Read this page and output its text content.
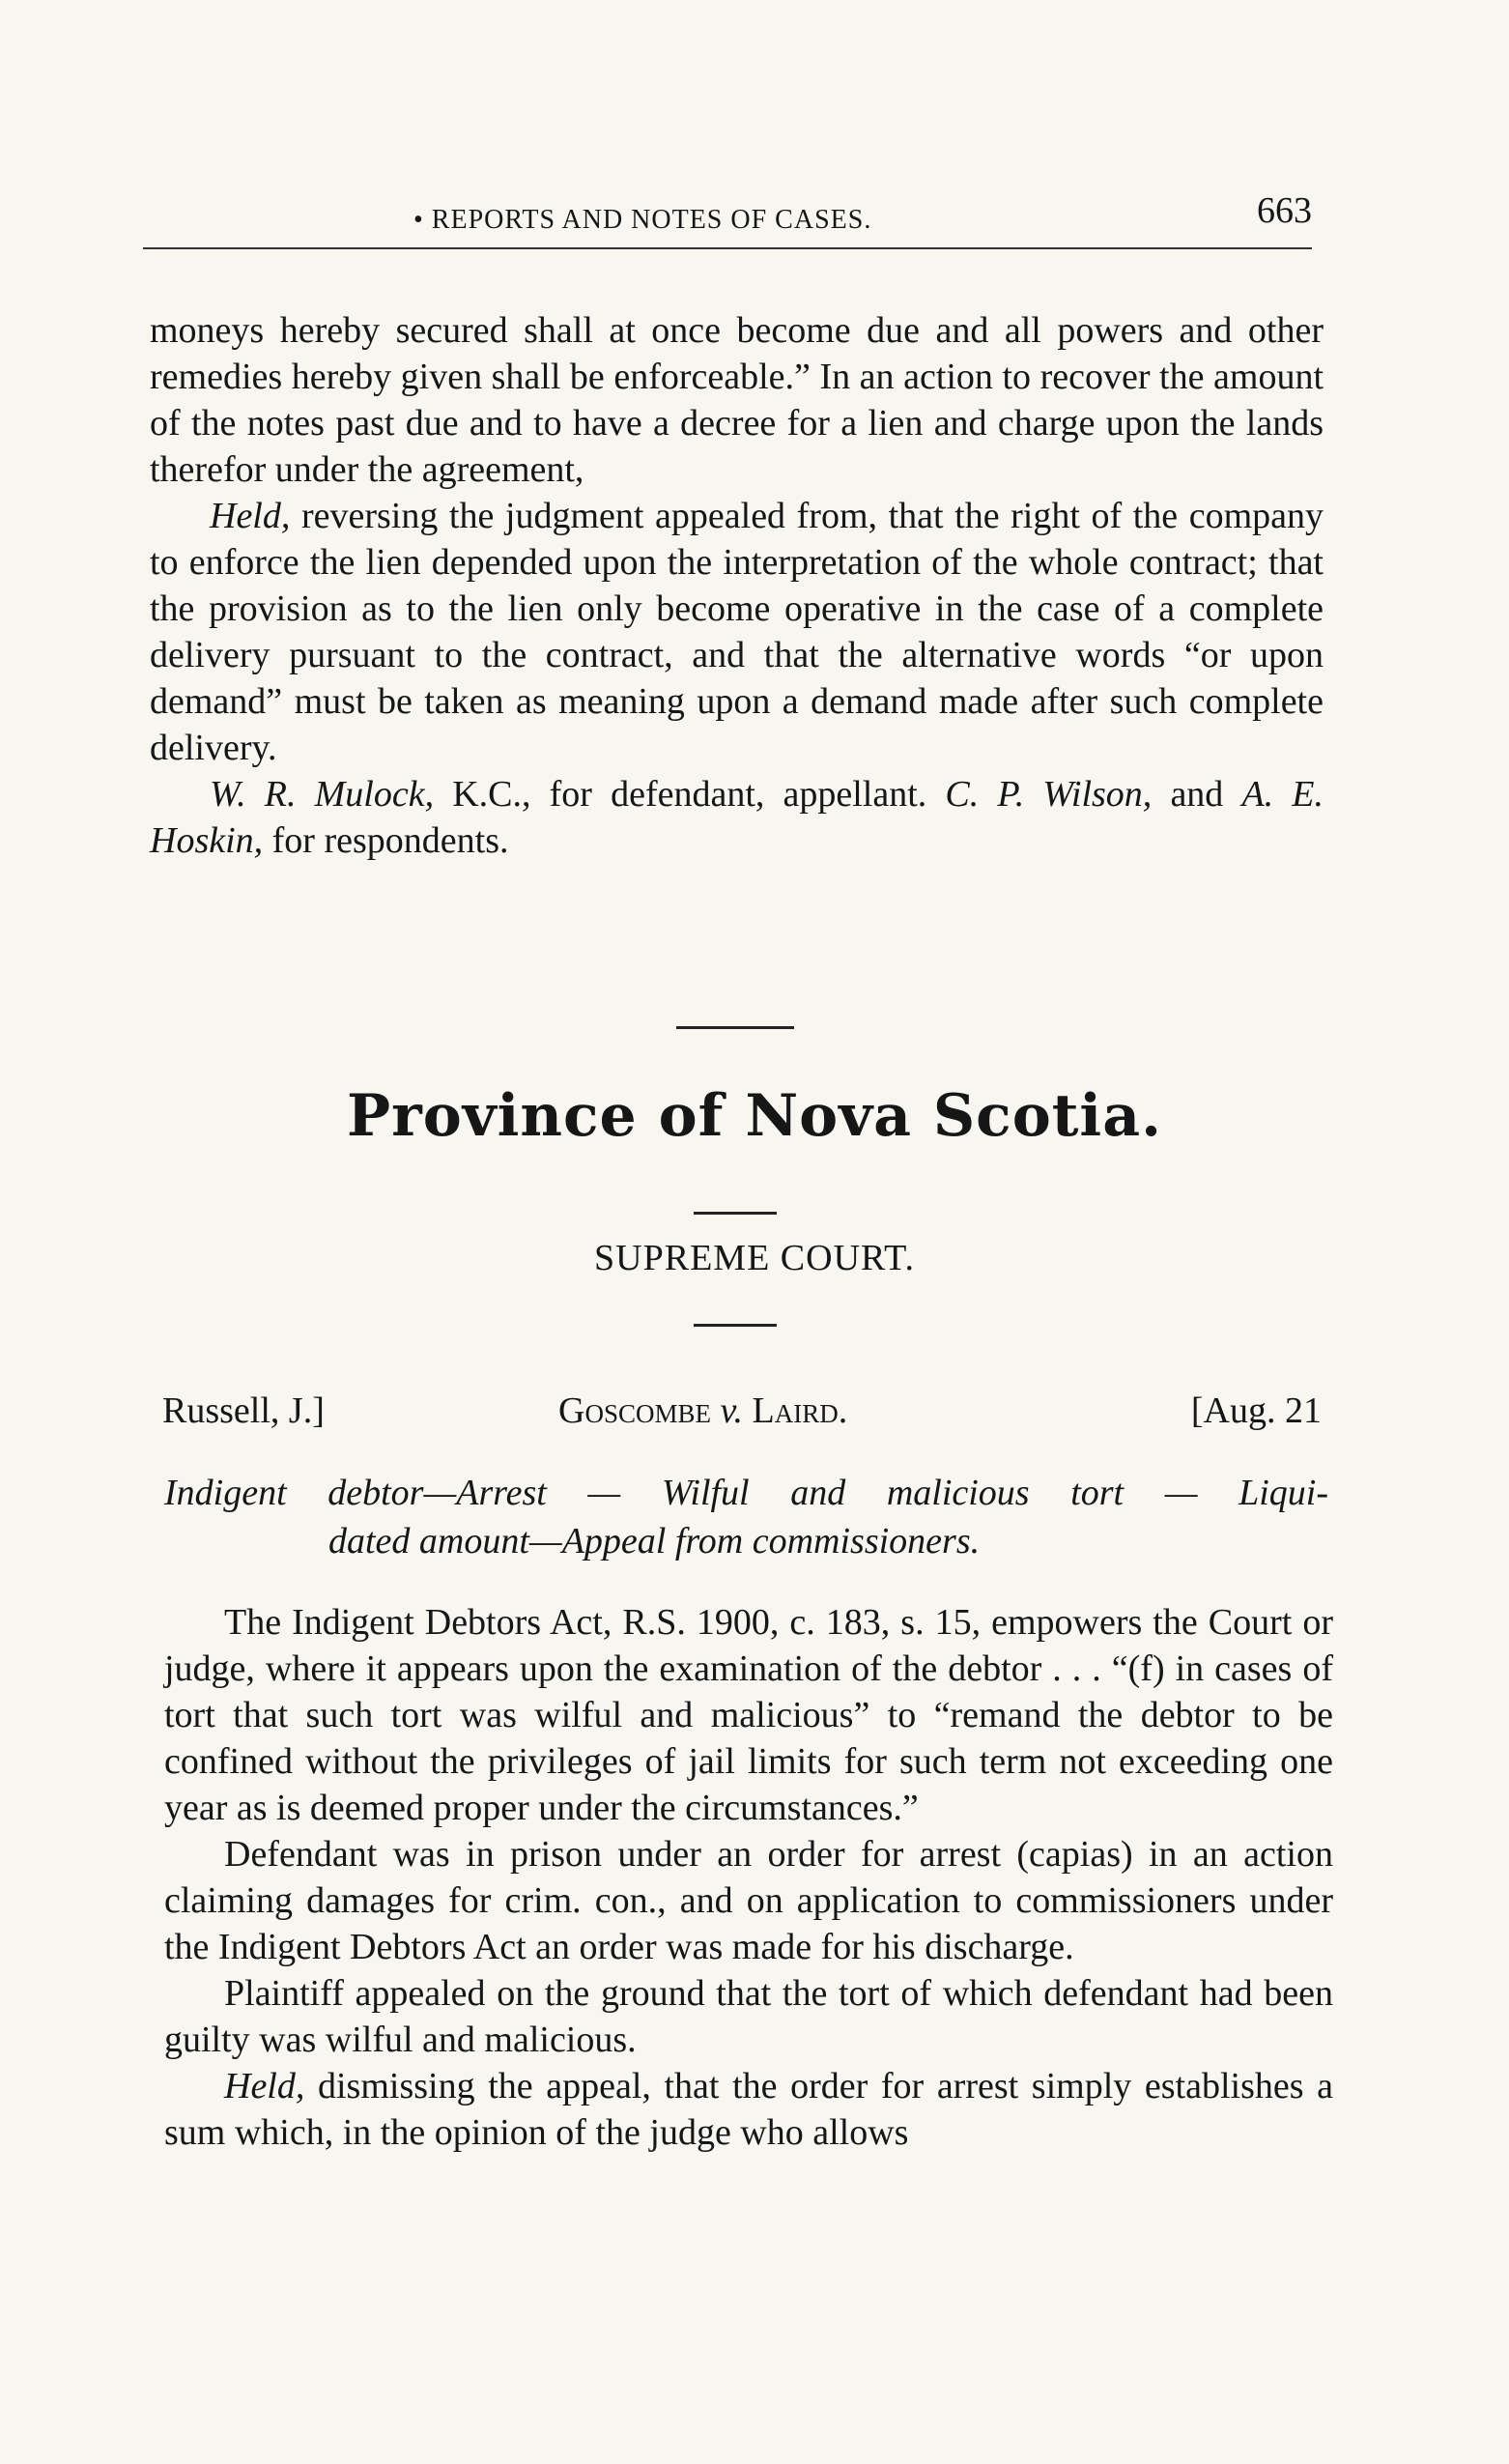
• REPORTS AND NOTES OF CASES.	663

moneys hereby secured shall at once become due and all powers and other remedies hereby given shall be enforceable.” In an action to recover the amount of the notes past due and to have a decree for a lien and charge upon the lands therefor under the agreement,

Held, reversing the judgment appealed from, that the right of the company to enforce the lien depended upon the interpretation of the whole contract; that the provision as to the lien only become operative in the case of a complete delivery pursuant to the contract, and that the alternative words “or upon demand” must be taken as meaning upon a demand made after such complete delivery.

W. R. Mulock, K.C., for defendant, appellant. C. P. Wilson, and A. E. Hoskin, for respondents.

Province of Nova Scotia.
SUPREME COURT.
Russell, J.]	Goscombe v. Laird.	[Aug. 21
Indigent debtor—Arrest — Wilful and malicious tort — Liqui-
dated amount—Appeal from commissioners.

The Indigent Debtors Act, R.S. 1900, c. 183, s. 15, empowers the Court or judge, where it appears upon the examination of the debtor . . . “(f) in cases of tort that such tort was wilful and malicious” to “remand the debtor to be confined without the privileges of jail limits for such term not exceeding one year as is deemed proper under the circumstances.”

Defendant was in prison under an order for arrest (capias) in an action claiming damages for crim. con., and on application to commissioners under the Indigent Debtors Act an order was made for his discharge.

Plaintiff appealed on the ground that the tort of which defendant had been guilty was wilful and malicious.

Held, dismissing the appeal, that the order for arrest simply establishes a sum which, in the opinion of the judge who allows
